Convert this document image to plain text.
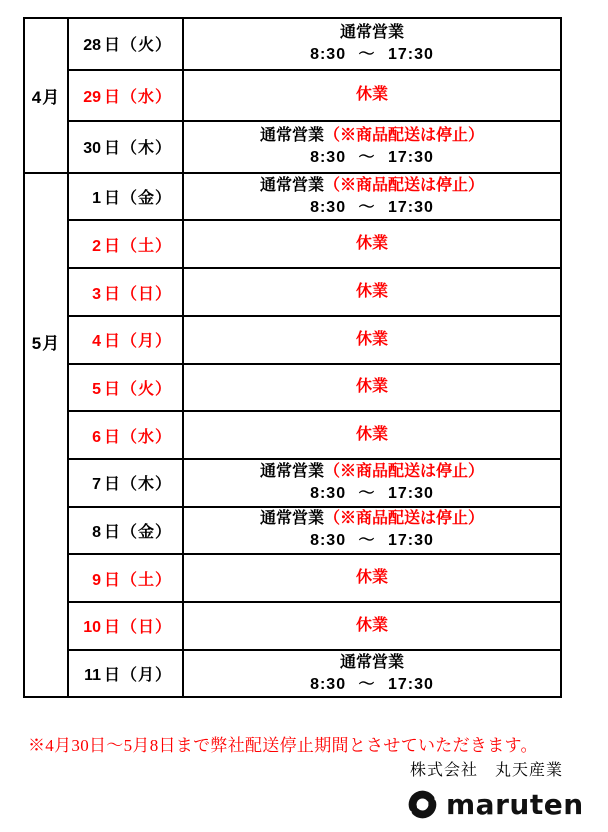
4月	28 日（火）	通常営業
8:30 ～ 17:30

	29 日（水）	休業

	30 日（木）	通常営業（※商品配送は停止）
8:30 ～ 17:30

5月	1 日（金）	通常営業（※商品配送は停止）
8:30 ～ 17:30

	2 日（土）	休業

	3 日（日）	休業

	4 日（月）	休業

	5 日（火）	休業

	6 日（水）	休業

	7 日（木）	通常営業（※商品配送は停止）
8:30 ～ 17:30

	8 日（金）	通常営業（※商品配送は停止）
8:30 ～ 17:30

	9 日（土）	休業

	10 日（日）	休業

	11 日（月）	通常営業
8:30 ～ 17:30
※4月30日～5月8日まで弊社配送停止期間とさせていただきます。
株式会社　丸天産業
maruten
